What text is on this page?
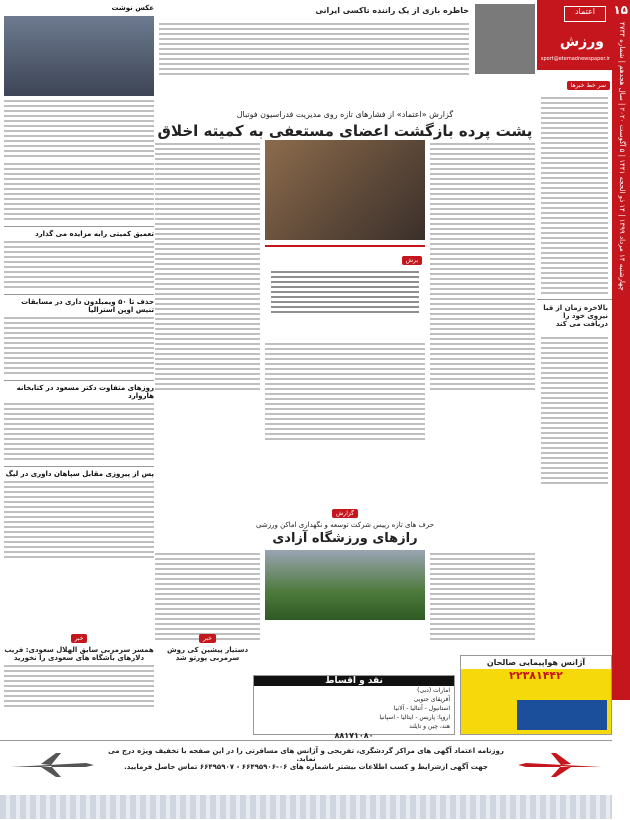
۱۵
چهارشنبه ۱۴ مرداد ۱۳۹۹ | ۱۴ ذو الحجه ۱۴۴۱ | ۵ آگوست ۲۰۲۰ | سال هجدهم | شماره ۴۷۳۴
اعتماد
ورزش
sport@etemadnewspaper.ir
سر خط خبرها
بالاخره زمان از قبا نیروی خود را دریافت می کند
خاطره بازی از یک راننده تاکسی ایرانی
عکس نوشت
گزارش «اعتماد» از فشارهای تازه روی مدیریت فدراسیون فوتبال
پشت پرده بازگشت اعضای مستعفی به کمیته اخلاق
برش
تعمیق کمیتی رابه مزایده می گذارد
حذف تا ۵۰ ویمبلدون داری در مسابقات تنیس اوپن استرالیا
روزهای متفاوت دکتر مسعود در کتابخانه هاروارد
پس از پیروزی مقابل سپاهان داوری در لیگ
گزارش
حرف های تازه رییس شرکت توسعه و نگهداری اماکن ورزشی
رازهای ورزشگاه آزادی
خبر
دستیار پیشین کی روش سرمربی پورتو شد
خبر
همسر سرمربی سابق الهلال سعودی: فریب دلارهای باشگاه های سعودی را نخورید	آژانس هواپیمایی صالحان
۲۲۳۸۱۴۴۲
نقد و اقساط
امارات (دبی)
آفریقای جنوبی
استانبول - آنتالیا - آلانیا
اروپا: پاریس - ایتالیا - اسپانیا
هند، چین و تایلند
۸۸۱۷۱۰۸۰
روزنامه اعتماد آگهی های مراکز گردشگری، تفریحی و آژانس های مسافرتی را در این صفحه با تخفیف ویژه درج می نماید.
جهت آگهی ازشرایط و کسب اطلاعات بیشتر باشماره های ۰۶-۶۶۴۹۵۹۰۶ - ۶۶۴۹۵۹۰۷ تماس حاصل فرمایید.
